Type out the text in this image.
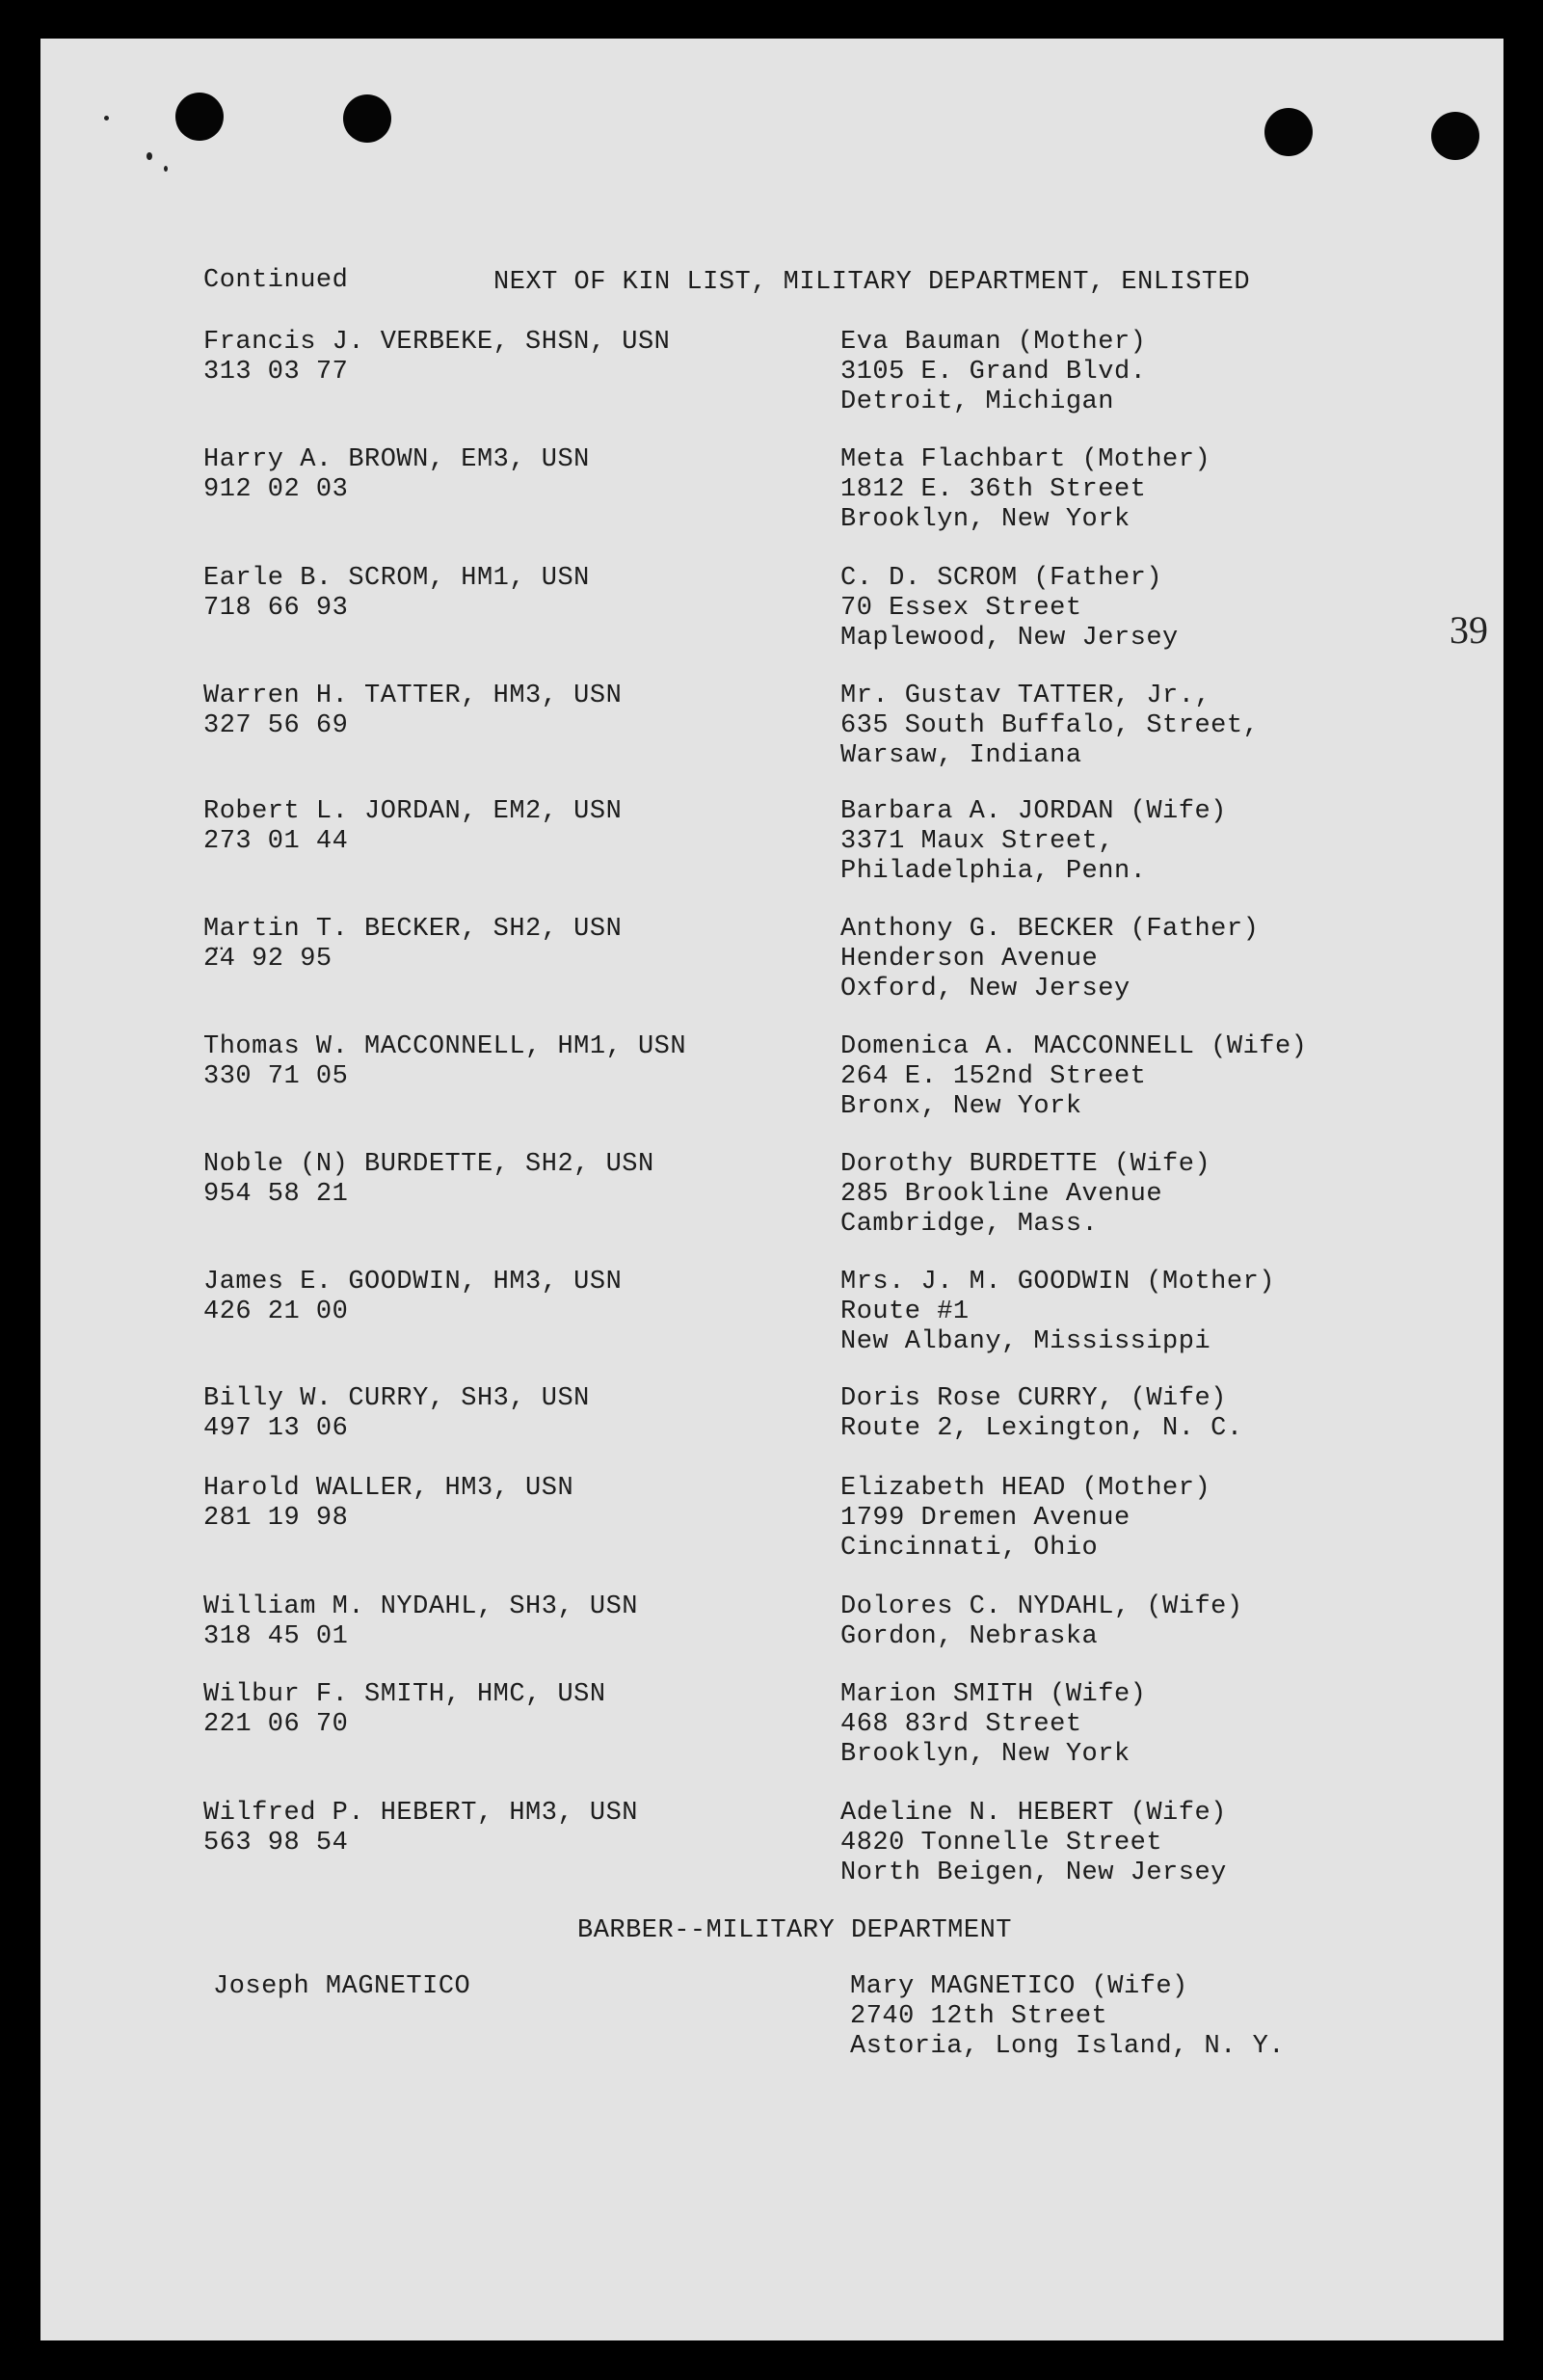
Continued	NEXT OF KIN LIST, MILITARY DEPARTMENT, ENLISTED
39
Francis J. VERBEKE, SHSN, USN
313 03 77
Eva Bauman (Mother)
3105 E. Grand Blvd.
Detroit, Michigan
Harry A. BROWN, EM3, USN
912 02 03
Meta Flachbart (Mother)
1812 E. 36th Street
Brooklyn, New York
Earle B. SCROM, HM1, USN
718 66 93
C. D. SCROM (Father)
70 Essex Street
Maplewood, New Jersey
Warren H. TATTER, HM3, USN
327 56 69
Mr. Gustav TATTER, Jr.,
635 South Buffalo, Street,
Warsaw, Indiana
Robert L. JORDAN, EM2, USN
273 01 44
Barbara A. JORDAN (Wife)
3371 Maux Street,
Philadelphia, Penn.
Martin T. BECKER, SH2, USN
2̈4 92 95
Anthony G. BECKER (Father)
Henderson Avenue
Oxford, New Jersey
Thomas W. MACCONNELL, HM1, USN
330 71 05
Domenica A. MACCONNELL (Wife)
264 E. 152nd Street
Bronx, New York
Noble (N) BURDETTE, SH2, USN
954 58 21
Dorothy BURDETTE (Wife)
285 Brookline Avenue
Cambridge, Mass.
James E. GOODWIN, HM3, USN
426 21 00
Mrs. J. M. GOODWIN (Mother)
Route #1
New Albany, Mississippi
Billy W. CURRY, SH3, USN
497 13 06
Doris Rose CURRY, (Wife)
Route 2, Lexington, N. C.
Harold WALLER, HM3, USN
281 19 98
Elizabeth HEAD (Mother)
1799 Dremen Avenue
Cincinnati, Ohio
William M. NYDAHL, SH3, USN
318 45 01
Dolores C. NYDAHL, (Wife)
Gordon, Nebraska
Wilbur F. SMITH, HMC, USN
221 06 70
Marion SMITH (Wife)
468 83rd Street
Brooklyn, New York
Wilfred P. HEBERT, HM3, USN
563 98 54
Adeline N. HEBERT (Wife)
4820 Tonnelle Street
North Beigen, New Jersey
BARBER--MILITARY DEPARTMENT
Joseph MAGNETICO	Mary MAGNETICO (Wife)
2740 12th Street
Astoria, Long Island, N. Y.
